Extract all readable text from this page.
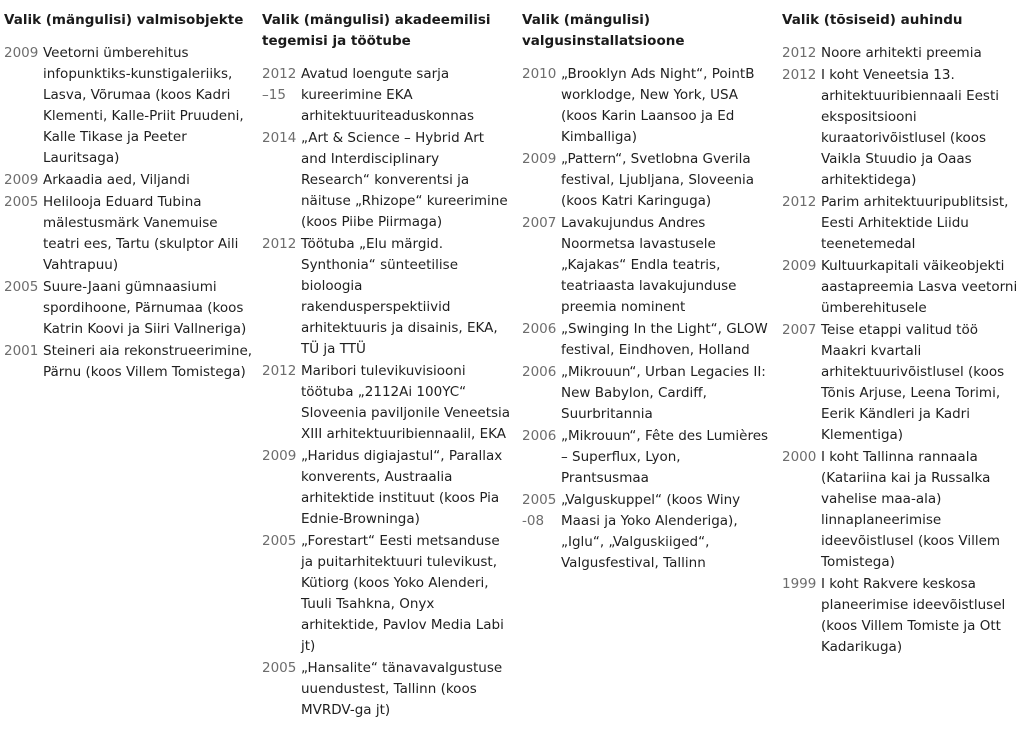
Valik (mängulisi) valmisobjekte
2009 Veetorni ümberehitus infopunktiks-kunstigaleriiks, Lasva, Võrumaa (koos Kadri Klementi, Kalle-Priit Pruudeni, Kalle Tikase ja Peeter Lauritsaga)
2009 Arkaadia aed, Viljandi
2005 Helilooja Eduard Tubina mälestusmärk Vanemuise teatri ees, Tartu (skulptor Aili Vahtrapuu)
2005 Suure-Jaani gümnaasiumi spordihoone, Pärnumaa (koos Katrin Koovi ja Siiri Vallneriga)
2001 Steineri aia rekonstrueerimine, Pärnu (koos Villem Tomistega)
Valik (mängulisi) akadeemilisi tegemisi ja töötube
2012
–15
Avatud loengute sarja kureerimine EKA arhitektuuriteaduskonnas
2014 „Art & Science – Hybrid Art and Interdisciplinary Research“ konverentsi ja näituse „Rhizope“ kureerimine (koos Piibe Piirmaga)
2012 Töötuba „Elu märgid. Synthonia“ sünteetilise bioloogia rakendusperspektiivid arhitektuuris ja disainis, EKA, TÜ ja TTÜ
2012 Maribori tulevikuvisiooni töötuba „2112Ai 100YC“ Sloveenia paviljonile Veneetsia XIII arhitektuuribiennaalil, EKA
2009 „Haridus digiajastul“, Parallax konverents, Austraalia arhitektide instituut (koos Pia Ednie-Browninga)
2005 „Forestart“ Eesti metsanduse ja puitarhitektuuri tulevikust, Kütiorg (koos Yoko Alenderi, Tuuli Tsahkna, Onyx arhitektide, Pavlov Media Labi jt)
2005 „Hansalite“ tänavavalgustuse uuendustest, Tallinn (koos MVRDV-ga jt)
Valik (mängulisi) valgusinstallatsioone
2010 „Brooklyn Ads Night“, PointB worklodge, New York, USA (koos Karin Laansoo ja Ed Kimballiga)
2009 „Pattern“, Svetlobna Gverila festival, Ljubljana, Sloveenia (koos Katri Karinguga)
2007 Lavakujundus Andres Noormetsa lavastusele „Kajakas“ Endla teatris, teatriaasta lavakujunduse preemia nominent
2006 „Swinging In the Light“, GLOW festival, Eindhoven, Holland
2006 „Mikrouun“, Urban Legacies II: New Babylon, Cardiff, Suurbritannia
2006 „Mikrouun“, Fête des Lumières – Superflux, Lyon, Prantsusmaa
2005
-08
„Valguskuppel“ (koos Winy Maasi ja Yoko Alenderiga), „Iglu“, „Valguskiiged“, Valgusfestival, Tallinn
Valik (tõsiseid) auhindu
2012 Noore arhitekti preemia
2012 I koht Veneetsia 13. arhitektuuribiennaali Eesti ekspositsiooni kuraatorivõistlusel (koos Vaikla Stuudio ja Oaas arhitektidega)
2012 Parim arhitektuuripublitsist, Eesti Arhitektide Liidu teenetemedal
2009 Kultuurkapitali väikeobjekti aastapreemia Lasva veetorni ümberehitusele
2007 Teise etappi valitud töö Maakri kvartali arhitektuurivõistlusel (koos Tõnis Arjuse, Leena Torimi, Eerik Kändleri ja Kadri Klementiga)
2000 I koht Tallinna rannaala (Katariina kai ja Russalka vahelise maa-ala) linnaplaneerimise ideevõistlusel (koos Villem Tomistega)
1999 I koht Rakvere keskosa planeerimise ideevõistlusel (koos Villem Tomiste ja Ott Kadarikuga)
